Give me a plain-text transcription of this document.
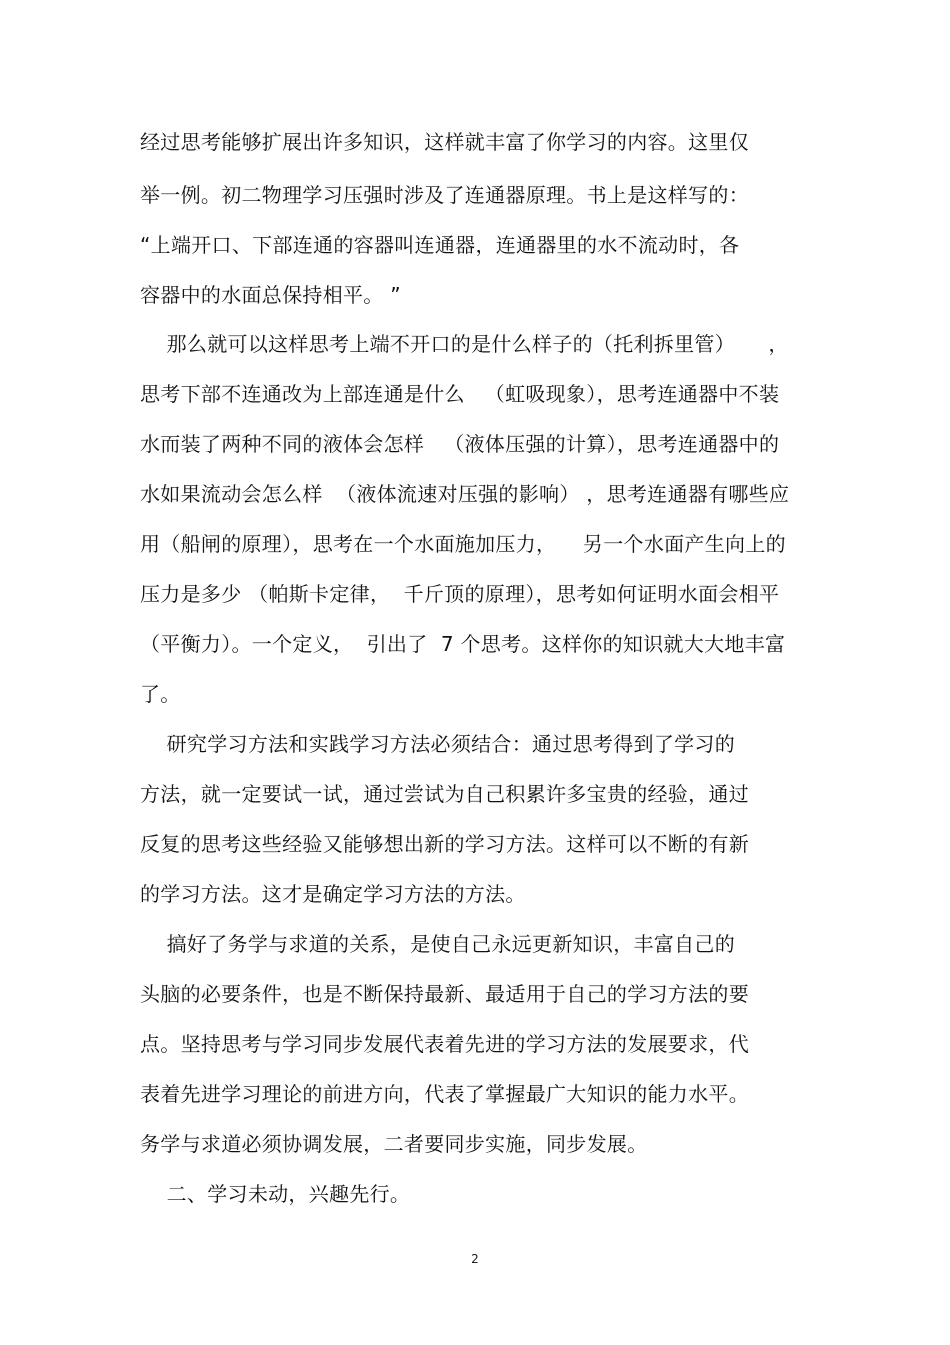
经过思考能够扩展出许多知识，这样就丰富了你学习的内容。这里仅
举一例。初二物理学习压强时涉及了连通器原理。书上是这样写的：
“上端开口、下部连通的容器叫连通器，连通器里的水不流动时，各
容器中的水面总保持相平。 ”
那么就可以这样思考上端不开口的是什么样子的（托利拆里管）     ，
思考下部不连通改为上部连通是什么   （虹吸现象），思考连通器中不装
水而装了两种不同的液体会怎样   （液体压强的计算），思考连通器中的
水如果流动会怎么样  （液体流速对压强的影响） ，思考连通器有哪些应
用（船闸的原理），思考在一个水面施加压力，    另一个水面产生向上的
压力是多少 （帕斯卡定律，  千斤顶的原理），思考如何证明水面会相平
（平衡力）。一个定义，  引出了  7 个思考。这样你的知识就大大地丰富
了。
研究学习方法和实践学习方法必须结合：通过思考得到了学习的
方法，就一定要试一试，通过尝试为自己积累许多宝贵的经验，通过
反复的思考这些经验又能够想出新的学习方法。这样可以不断的有新
的学习方法。这才是确定学习方法的方法。
搞好了务学与求道的关系，是使自己永远更新知识，丰富自己的
头脑的必要条件，也是不断保持最新、最适用于自己的学习方法的要
点。坚持思考与学习同步发展代表着先进的学习方法的发展要求，代
表着先进学习理论的前进方向，代表了掌握最广大知识的能力水平。
务学与求道必须协调发展，二者要同步实施，同步发展。
二、学习未动，兴趣先行。
2
